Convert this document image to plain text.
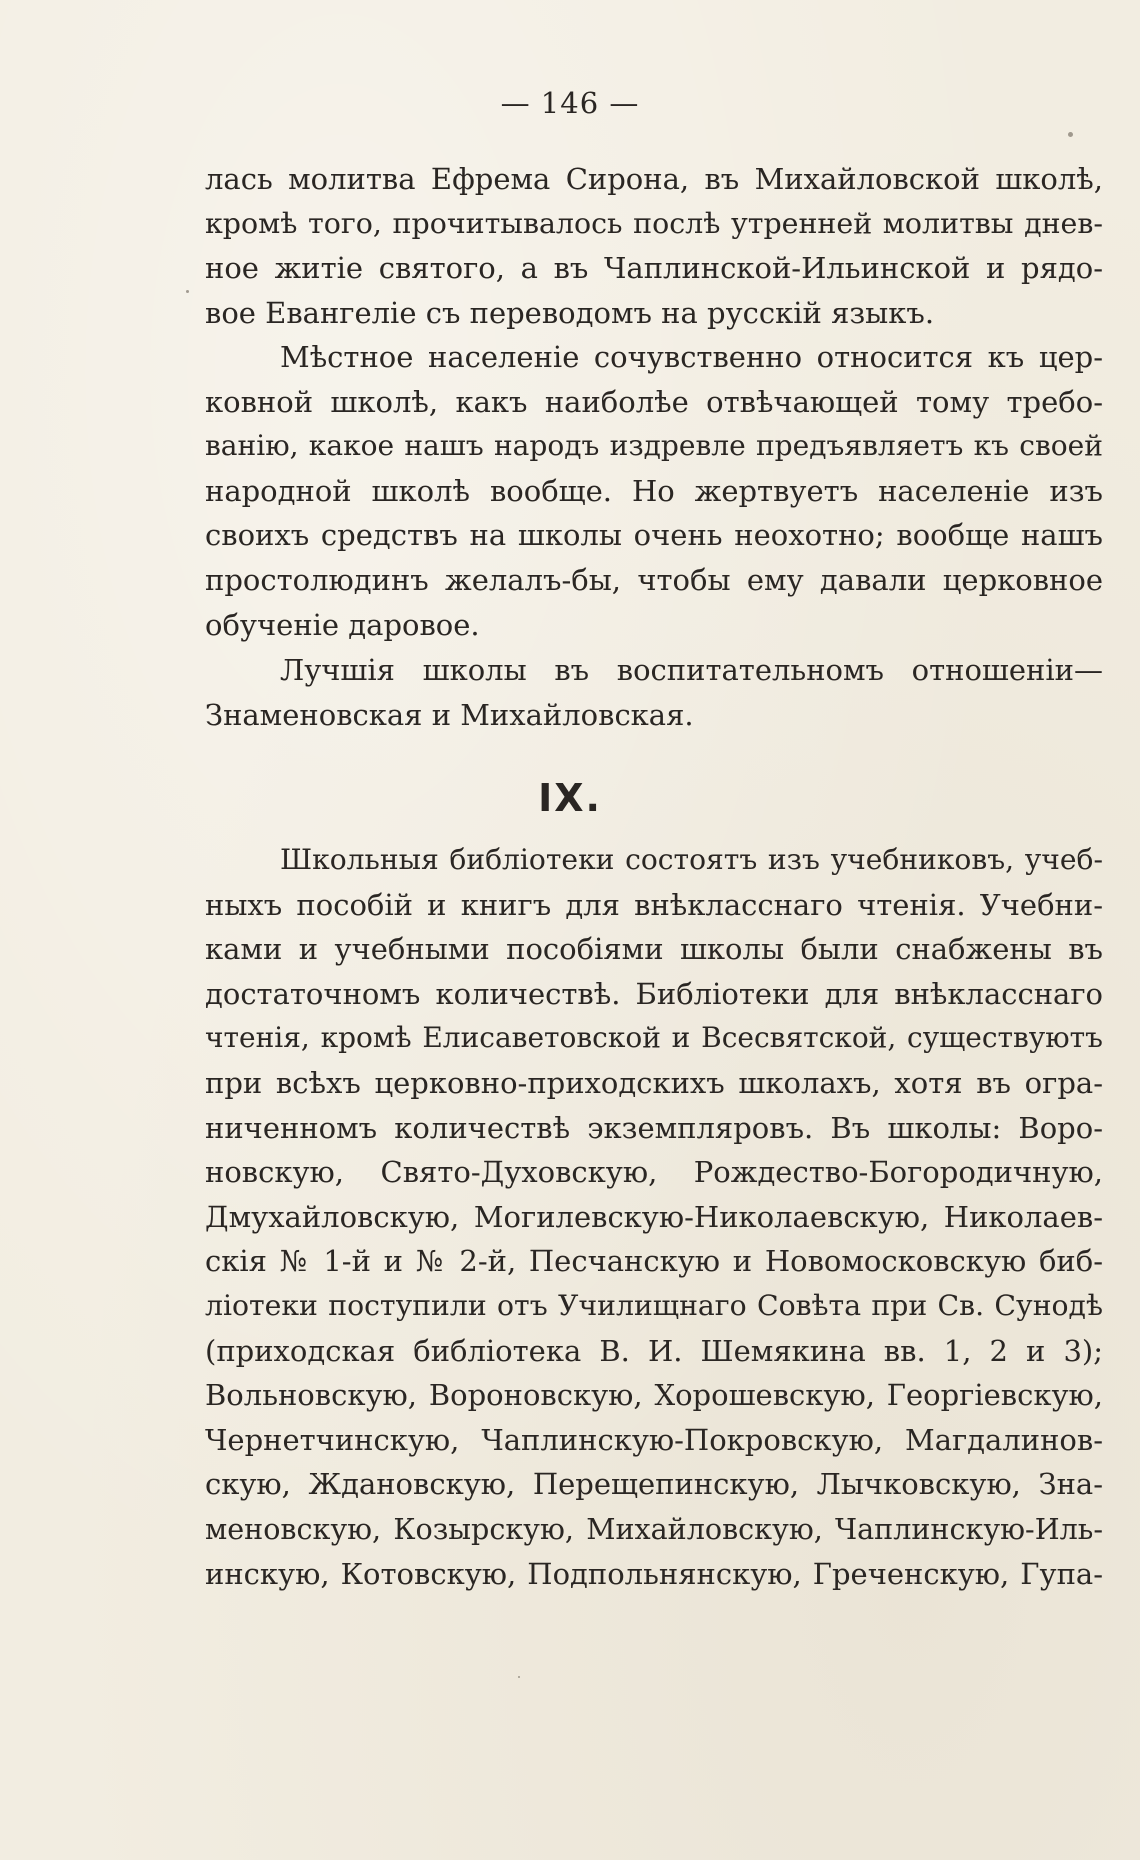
— 146 —
лась молитва Ефрема Сирона, въ Михайловской школѣ,
кромѣ того, прочитывалось послѣ утренней молитвы днев-
ное житіе святого, а въ Чаплинской-Ильинской и рядо-
вое Евангеліе съ переводомъ на русскій языкъ.
Мѣстное населеніе сочувственно относится къ цер-
ковной школѣ, какъ наиболѣе отвѣчающей тому требо-
ванію, какое нашъ народъ издревле предъявляетъ къ своей
народной школѣ вообще. Но жертвуетъ населеніе изъ
своихъ средствъ на школы очень неохотно; вообще нашъ
простолюдинъ желалъ-бы, чтобы ему давали церковное
обученіе даровое.
Лучшія школы въ воспитательномъ отношеніи—
Знаменовская и Михайловская.
IX.
Школьныя библіотеки состоятъ изъ учебниковъ, учеб-
ныхъ пособій и книгъ для внѣкласснаго чтенія. Учебни-
ками и учебными пособіями школы были снабжены въ
достаточномъ количествѣ. Библіотеки для внѣкласснаго
чтенія, кромѣ Елисаветовской и Всесвятской, существуютъ
при всѣхъ церковно-приходскихъ школахъ, хотя въ огра-
ниченномъ количествѣ экземпляровъ. Въ школы: Воро-
новскую, Свято-Духовскую, Рождество-Богородичную,
Дмухайловскую, Могилевскую-Николаевскую, Николаев-
скія № 1-й и № 2-й, Песчанскую и Новомосковскую биб-
ліотеки поступили отъ Училищнаго Совѣта при Св. Сунодѣ
(приходская библіотека В. И. Шемякина вв. 1, 2 и 3);
Вольновскую, Вороновскую, Хорошевскую, Георгіевскую,
Чернетчинскую, Чаплинскую-Покровскую, Магдалинов-
скую, Ждановскую, Перещепинскую, Лычковскую, Зна-
меновскую, Козырскую, Михайловскую, Чаплинскую-Иль-
инскую, Котовскую, Подпольнянскую, Греченскую, Гупа-
